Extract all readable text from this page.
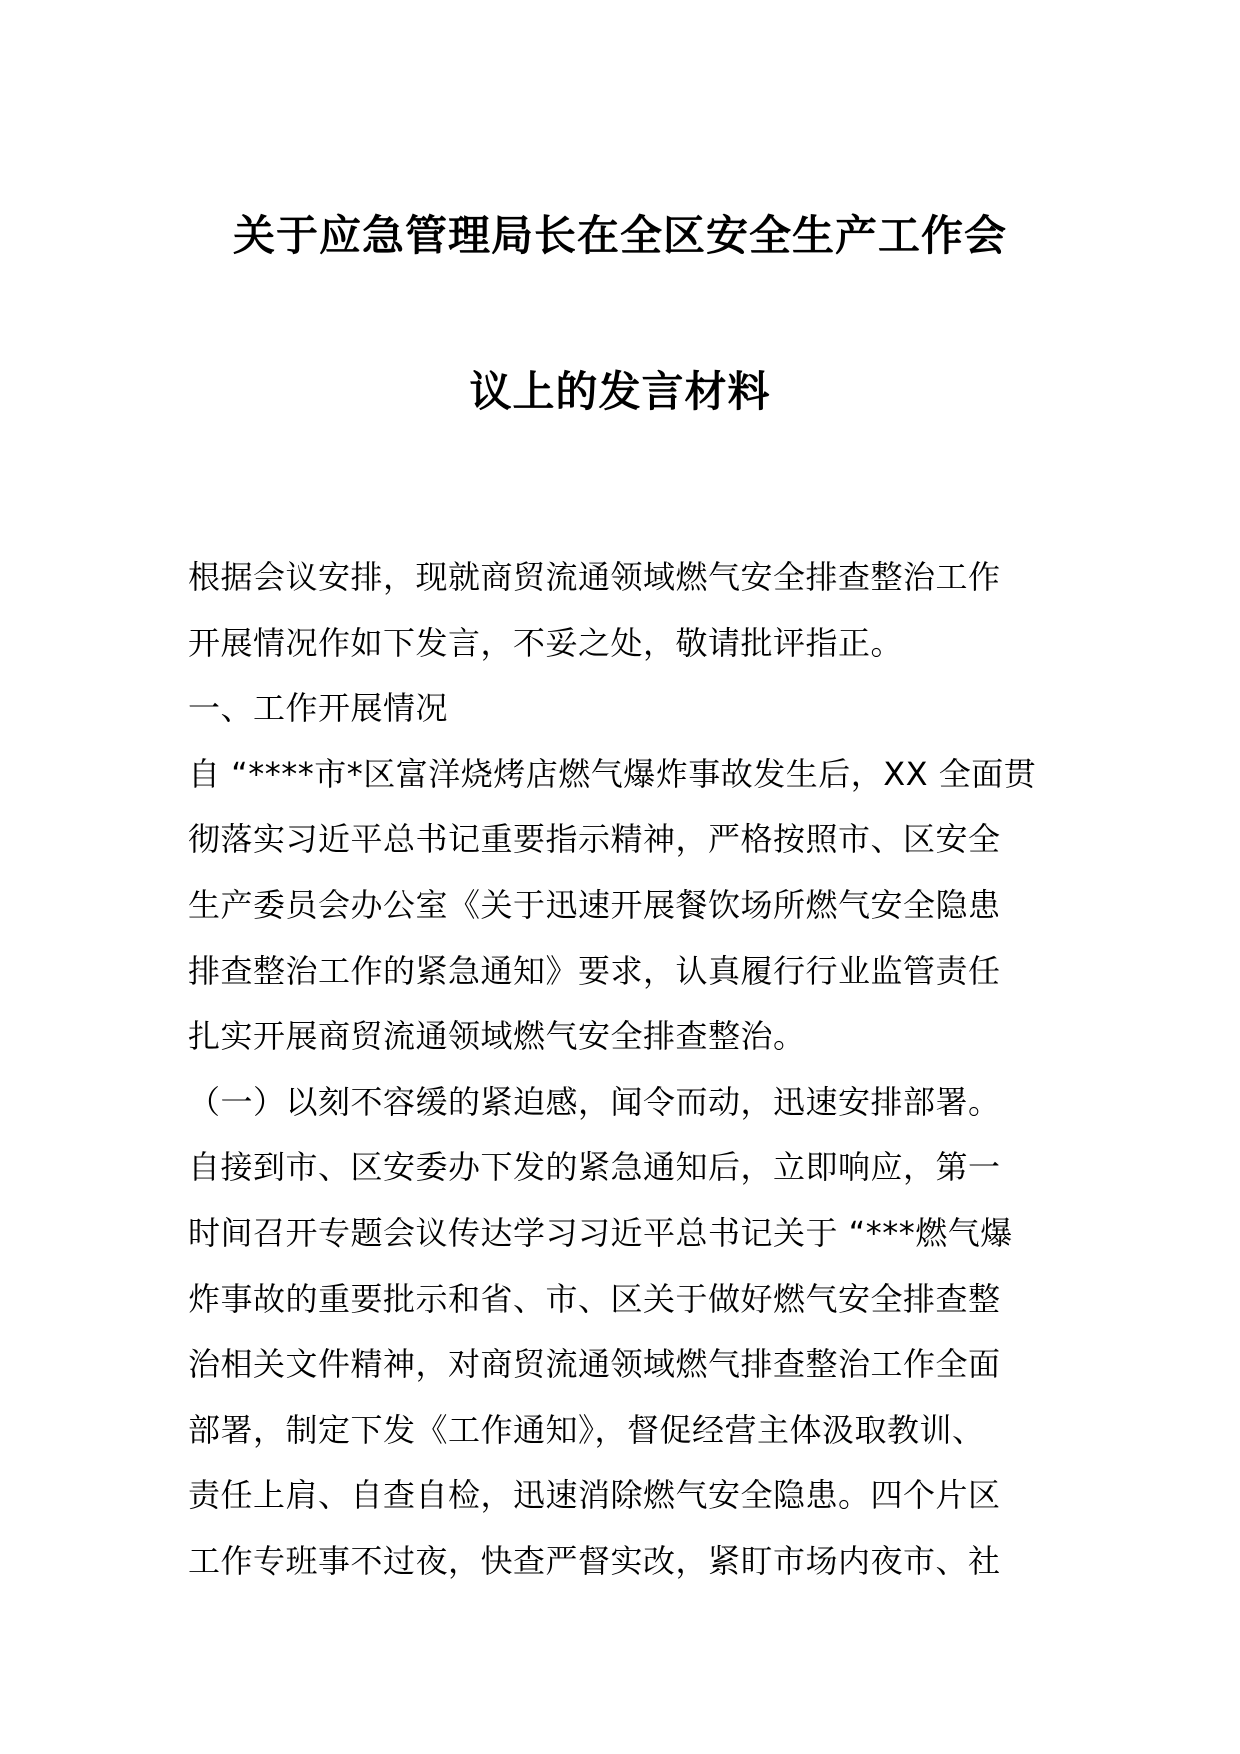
关于应急管理局长在全区安全生产工作会
议上的发言材料
根据会议安排，现就商贸流通领域燃气安全排查整治工作
开展情况作如下发言，不妥之处，敬请批评指正。
一、工作开展情况
自 “****市*区富洋烧烤店燃气爆炸事故发生后，XX 全面贯
彻落实习近平总书记重要指示精神，严格按照市、区安全
生产委员会办公室《关于迅速开展餐饮场所燃气安全隐患
排查整治工作的紧急通知》要求，认真履行行业监管责任
扎实开展商贸流通领域燃气安全排查整治。
（一）以刻不容缓的紧迫感，闻令而动，迅速安排部署。
自接到市、区安委办下发的紧急通知后，立即响应，第一
时间召开专题会议传达学习习近平总书记关于 “***燃气爆
炸事故的重要批示和省、市、区关于做好燃气安全排查整
治相关文件精神，对商贸流通领域燃气排查整治工作全面
部署，制定下发《工作通知》，督促经营主体汲取教训、
责任上肩、自查自检，迅速消除燃气安全隐患。四个片区
工作专班事不过夜，快查严督实改，紧盯市场内夜市、社
